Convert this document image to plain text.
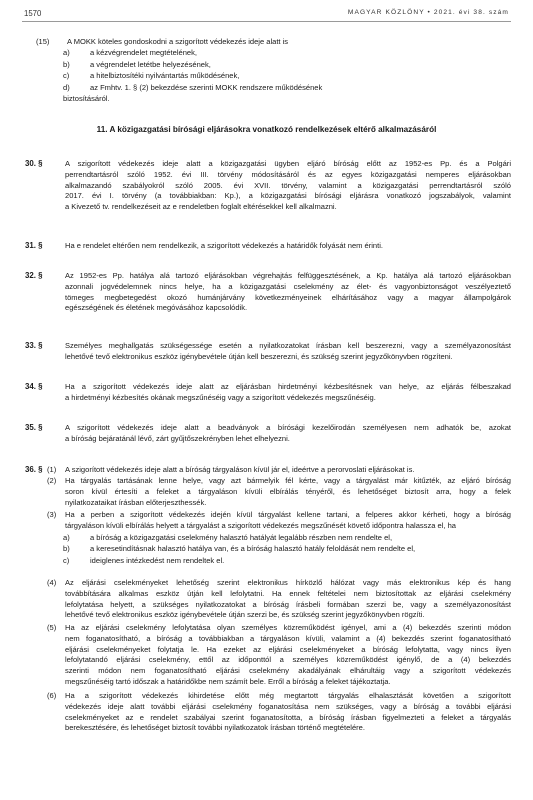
1570	MAGYAR KÖZLÖNY • 2021. évi 38. szám
(15) A MOKK köteles gondoskodni a szigorított védekezés ideje alatt is
a)	a kézvégrendelet megtételének,
b)	a végrendelet letétbe helyezésének,
c)	a hitelbiztosítéki nyilvántartás működésének,
d)	az Fmhtv. 1. § (2) bekezdése szerinti MOKK rendszere működésének
biztosításáról.
11. A közigazgatási bírósági eljárásokra vonatkozó rendelkezések eltérő alkalmazásáról
30. §	A szigorított védekezés ideje alatt a közigazgatási ügyben eljáró bíróság előtt az 1952-es Pp. és a Polgári
perrendtartásról szóló 1952. évi III. törvény módosításáról és az egyes közigazgatási nemperes eljárásokban
alkalmazandó szabályokról szóló 2005. évi XVII. törvény, valamint a közigazgatási perrendtartásról szóló
2017. évi I. törvény (a továbbiakban: Kp.), a közigazgatási bírósági eljárásra vonatkozó jogszabályok, valamint
a Kivezető tv. rendelkezéseit az e rendeletben foglalt eltérésekkel kell alkalmazni.
31. §	Ha e rendelet eltérően nem rendelkezik, a szigorított védekezés a határidők folyását nem érinti.
32. §	Az 1952-es Pp. hatálya alá tartozó eljárásokban végrehajtás felfüggesztésének, a Kp. hatálya alá tartozó eljárásokban
azonnali jogvédelemnek nincs helye, ha a közigazgatási cselekmény az élet- és vagyonbiztonságot veszélyeztető
tömeges megbetegedést okozó humánjárvány következményeinek elhárításához vagy a magyar állampolgárok
egészségének és életének megóvásához kapcsolódik.
33. §	Személyes meghallgatás szükségessége esetén a nyilatkozatokat írásban kell beszerezni, vagy a személyazonosítást
lehetővé tevő elektronikus eszköz igénybevétele útján kell beszerezni, és szükség szerint jegyzőkönyvben rögzíteni.
34. §	Ha a szigorított védekezés ideje alatt az eljárásban hirdetményi kézbesítésnek van helye, az eljárás félbeszakad
a hirdetményi kézbesítés okának megszűnéséig vagy a szigorított védekezés megszűnéséig.
35. §	A szigorított védekezés ideje alatt a beadványok a bírósági kezelőirodán személyesen nem adhatók be, azokat
a bíróság bejáratánál lévő, zárt gyűjtőszekrényben lehet elhelyezni.
36. § (1) A szigorított védekezés ideje alatt a bíróság tárgyaláson kívül jár el, ideértve a perorvoslati eljárásokat is.
(2) Ha tárgyalás tartásának lenne helye, vagy azt bármelyik fél kérte, vagy a tárgyalást már kitűzték, az eljáró bíróság
soron kívül értesíti a feleket a tárgyaláson kívüli elbírálás tényéről, és lehetőséget biztosít arra, hogy a felek
nyilatkozataikat írásban előterjeszthessék.
(3) Ha a perben a szigorított védekezés idején kívül tárgyalást kellene tartani, a felperes akkor kérheti, hogy a bíróság
tárgyaláson kívüli elbírálás helyett a tárgyalást a szigorított védekezés megszűnését követő időpontra halassza el, ha
a)	a bíróság a közigazgatási cselekmény halasztó hatályát legalább részben nem rendelte el,
b)	a keresetindításnak halasztó hatálya van, és a bíróság halasztó hatály feloldását nem rendelte el,
c)	ideiglenes intézkedést nem rendeltek el.
(4) Az eljárási cselekményeket lehetőség szerint elektronikus hírközlő hálózat vagy más elektronikus kép és hang
továbbítására alkalmas eszköz útján kell lefolytatni. Ha ennek feltételei nem biztosítottak az eljárási cselekmény
lefolytatása helyett, a szükséges nyilatkozatokat a bíróság írásbeli formában szerzi be, vagy a személyazonosítást
lehetővé tevő elektronikus eszköz igénybevétele útján szerzi be, és szükség szerint jegyzőkönyvben rögzíti.
(5) Ha az eljárási cselekmény lefolytatása olyan személyes közreműködést igényel, ami a (4) bekezdés szerinti módon
nem foganatosítható, a bíróság a továbbiakban a tárgyaláson kívüli, valamint a (4) bekezdés szerint foganatosítható
eljárási cselekményeket folytatja le. Ha ezeket az eljárási cselekményeket a bíróság lefolytatta, vagy nincs ilyen
lefolytatandó eljárási cselekmény, ettől az időponttól a személyes közreműködést igénylő, de a (4) bekezdés
szerinti módon nem foganatosítható eljárási cselekmény akadályának elhárultáig vagy a szigorított védekezés
megszűnéséig tartó időszak a határidőkbe nem számít bele. Erről a bíróság a feleket tájékoztatja.
(6) Ha a szigorított védekezés kihirdetése előtt még megtartott tárgyalás elhalasztását követően a szigorított
védekezés ideje alatt további eljárási cselekmény foganatosítása nem szükséges, vagy a bíróság a további eljárási
cselekményeket az e rendelet szabályai szerint foganatosította, a bíróság írásban figyelmezteti a feleket a tárgyalás
berekesztésére, és lehetőséget biztosít további nyilatkozatok írásban történő megtételére.
